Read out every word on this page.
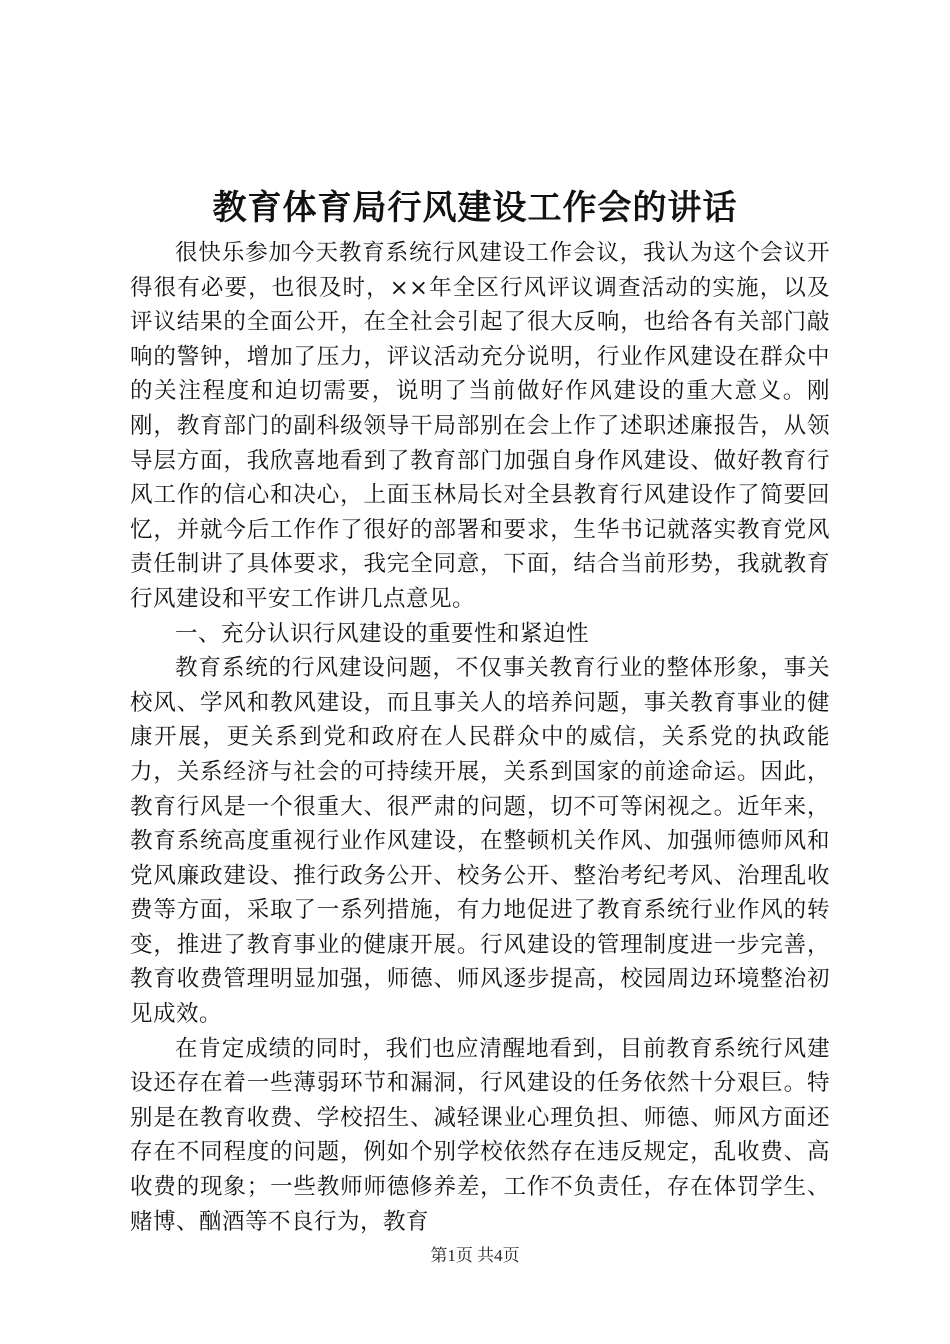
教育体育局行风建设工作会的讲话

很快乐参加今天教育系统行风建设工作会议，我认为这个会议开得很有必要，也很及时，××年全区行风评议调查活动的实施，以及评议结果的全面公开，在全社会引起了很大反响，也给各有关部门敲响的警钟，增加了压力，评议活动充分说明，行业作风建设在群众中的关注程度和迫切需要，说明了当前做好作风建设的重大意义。刚刚，教育部门的副科级领导干局部别在会上作了述职述廉报告，从领导层方面，我欣喜地看到了教育部门加强自身作风建设、做好教育行风工作的信心和决心，上面玉林局长对全县教育行风建设作了简要回忆，并就今后工作作了很好的部署和要求，生华书记就落实教育党风责任制讲了具体要求，我完全同意，下面，结合当前形势，我就教育行风建设和平安工作讲几点意见。

一、充分认识行风建设的重要性和紧迫性

教育系统的行风建设问题，不仅事关教育行业的整体形象，事关校风、学风和教风建设，而且事关人的培养问题，事关教育事业的健康开展，更关系到党和政府在人民群众中的威信，关系党的执政能力，关系经济与社会的可持续开展，关系到国家的前途命运。因此，教育行风是一个很重大、很严肃的问题，切不可等闲视之。近年来，教育系统高度重视行业作风建设，在整顿机关作风、加强师德师风和党风廉政建设、推行政务公开、校务公开、整治考纪考风、治理乱收费等方面，采取了一系列措施，有力地促进了教育系统行业作风的转变，推进了教育事业的健康开展。行风建设的管理制度进一步完善，教育收费管理明显加强，师德、师风逐步提高，校园周边环境整治初见成效。

在肯定成绩的同时，我们也应清醒地看到，目前教育系统行风建设还存在着一些薄弱环节和漏洞，行风建设的任务依然十分艰巨。特别是在教育收费、学校招生、减轻课业心理负担、师德、师风方面还存在不同程度的问题，例如个别学校依然存在违反规定，乱收费、高收费的现象；一些教师师德修养差，工作不负责任，存在体罚学生、赌博、酗酒等不良行为，教育

第1页 共4页
